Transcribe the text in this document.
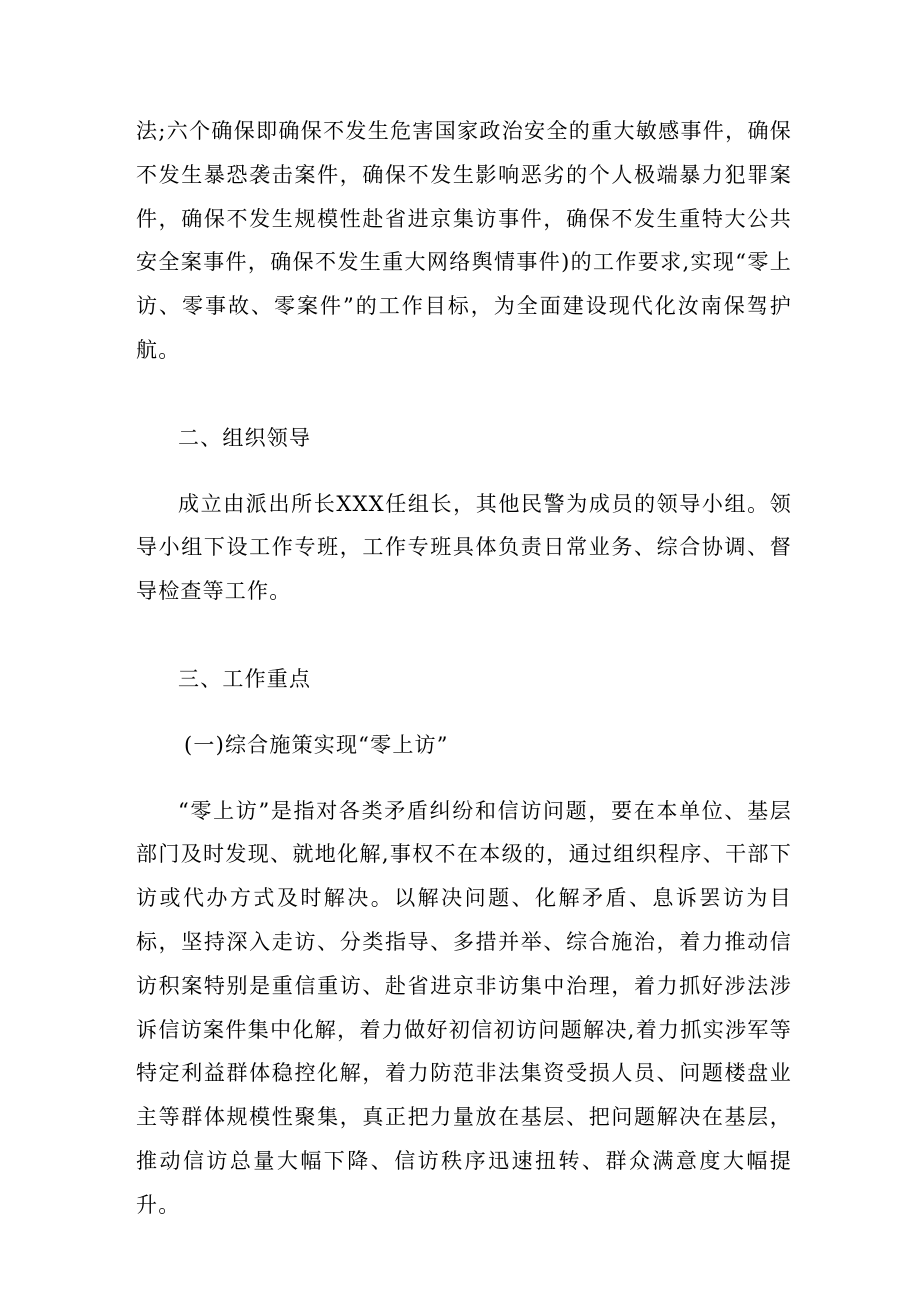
法;六个确保即确保不发生危害国家政治安全的重大敏感事件，确保不发生暴恐袭击案件，确保不发生影响恶劣的个人极端暴力犯罪案件，确保不发生规模性赴省进京集访事件，确保不发生重特大公共安全案事件，确保不发生重大网络舆情事件)的工作要求,实现“零上访、零事故、零案件”的工作目标，为全面建设现代化汝南保驾护航。

二、组织领导

成立由派出所长XXX任组长，其他民警为成员的领导小组。领导小组下设工作专班，工作专班具体负责日常业务、综合协调、督导检查等工作。

三、工作重点

(一)综合施策实现“零上访”

“零上访”是指对各类矛盾纠纷和信访问题，要在本单位、基层部门及时发现、就地化解,事权不在本级的，通过组织程序、干部下访或代办方式及时解决。以解决问题、化解矛盾、息诉罢访为目标，坚持深入走访、分类指导、多措并举、综合施治，着力推动信访积案特别是重信重访、赴省进京非访集中治理，着力抓好涉法涉诉信访案件集中化解，着力做好初信初访问题解决,着力抓实涉军等特定利益群体稳控化解，着力防范非法集资受损人员、问题楼盘业主等群体规模性聚集，真正把力量放在基层、把问题解决在基层，推动信访总量大幅下降、信访秩序迅速扭转、群众满意度大幅提升。
